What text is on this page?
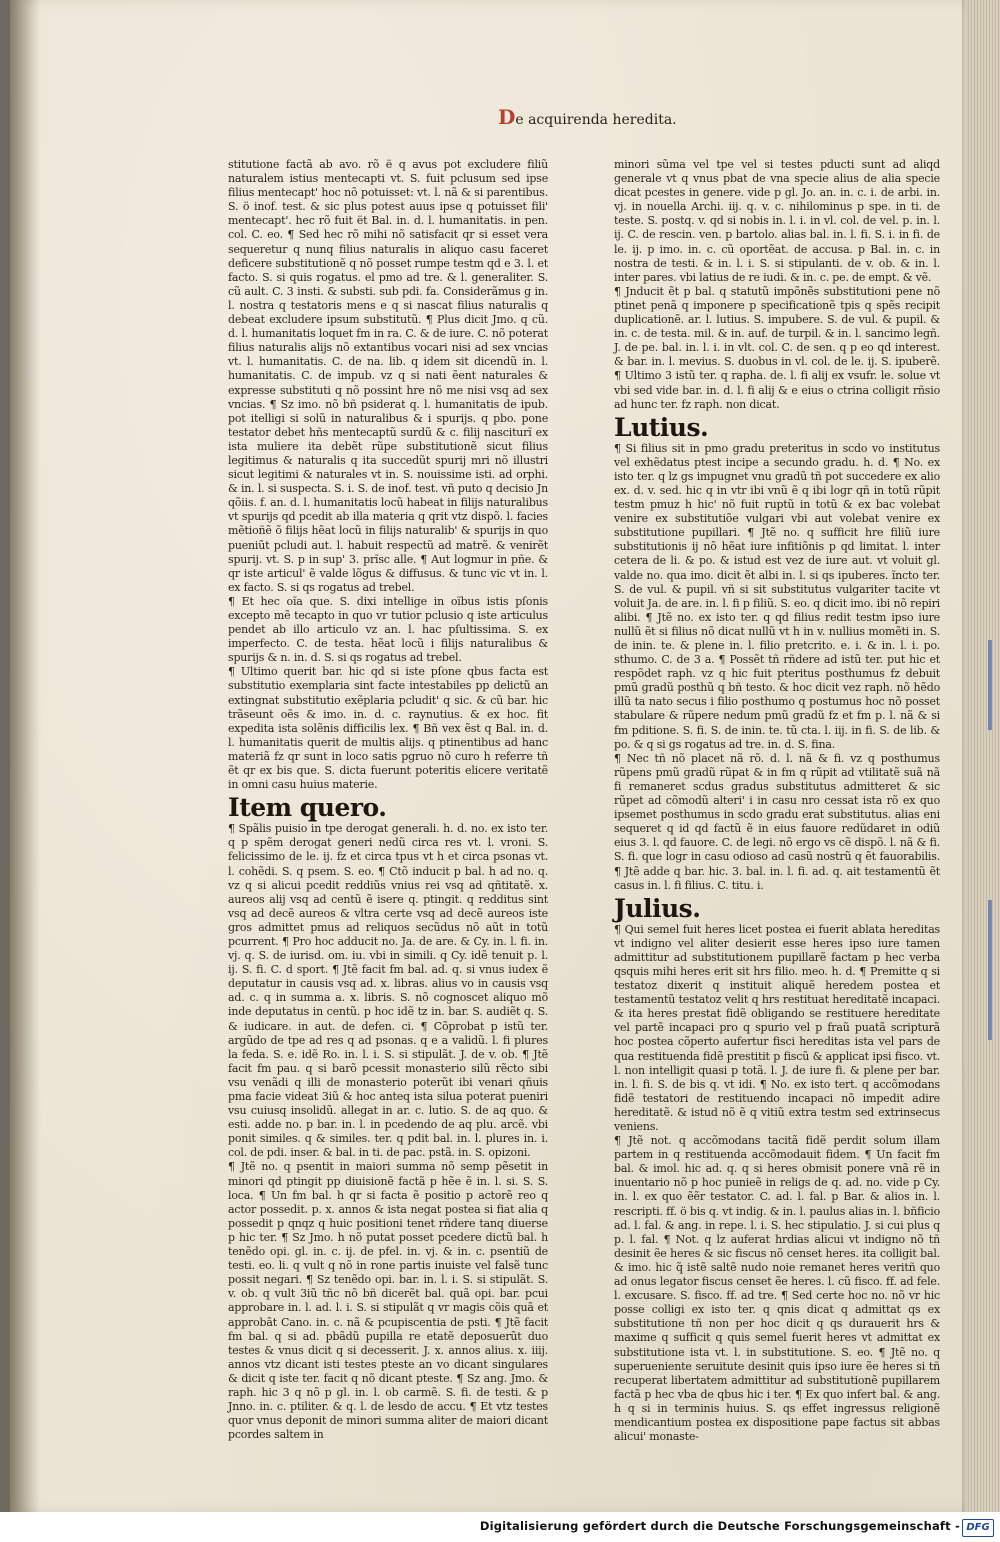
De acquirenda heredita.

stitutione factã ab avo. rõ ë q avus pot excludere filiũ naturalem istius mentecapti vt. S. fuit pclusum sed ipse filius mentecapt' hoc nõ potuisset: vt. l. nã & si parentibus. S. ö inof. test. & sic plus potest auus ipse q potuisset fili' mentecapt'. hec rõ fuit ët Bal. in. d. l. humanitatis. in pen. col. C. eo. ¶ Sed hec rõ mihi nõ satisfacit qr si esset vera sequeretur q nunq filius naturalis in aliquo casu faceret deficere substitutionẽ q nõ posset rumpe testm qd e 3. l. et facto. S. si quis rogatus. el pmo ad tre. & l. generaliter. S. cũ ault. C. 3 insti. & substi. sub pdi. fa. Considerãmus g in. l. nostra q testatoris mens e q si nascat filius naturalis q debeat excludere ipsum substitutũ. ¶ Plus dicit Jmo. q cũ. d. l. humanitatis loquet fm in ra. C. & de iure. C. nõ poterat filius naturalis alijs nõ extantibus vocari nisi ad sex vncias vt. l. humanitatis. C. de na. lib. q idem sit dicendũ in. l. humanitatis. C. de impub. vz q si nati ẽent naturales & expresse substituti q nõ possint hre nõ me nisi vsq ad sex vncias. ¶ Sz imo. nõ bñ psiderat q. l. humanitatis de ipub. pot itelligi si solũ in naturalibus & i spurijs. q pbo. pone testator debet hñs mentecaptũ surdũ & c. filij nasciturĩ ex ista muliere ita debẽt rũpe substitutionẽ sicut filius legitimus & naturalis q ita succedũt spurij mri nõ illustri sicut legitimi & naturales vt in. S. nouissime isti. ad orphi. & in. l. si suspecta. S. i. S. de inof. test. vñ puto q decisio Jn qõiis. f. an. d. l. humanitatis locũ habeat in filijs naturalibus vt spurijs qd pcedit ab illa materia q qrit vtz dispõ. l. facies mẽtioñẽ õ filijs hẽat locũ in filijs naturalib' & spurijs in quo pueniũt pcludi aut. l. habuit respectũ ad matrẽ. & venirẽt spurij. vt. S. p in sup' 3. prĩsc alle. ¶ Aut logmur in pñe. & qr iste articul' ẽ valde lõgus & diffusus. & tunc vic vt in. l. ex facto. S. si qs rogatus ad trebel.

¶ Et hec oĩa que. S. dixi intellige in oĩbus istis pſonis excepto mẽ tecapto in quo vr tutior pclusio q iste articulus pendet ab illo articulo vz an. l. hac pſultissima. S. ex imperfecto. C. de testa. hẽat locũ i filijs naturalibus & spurijs & n. in. d. S. si qs rogatus ad trebel.

¶ Ultimo querit bar. hic qd si iste pſone qbus facta est substitutio exemplaria sint facte intestabiles pp delictũ an extingnat substitutio exẽplaria pcludit' q sic. & cũ bar. hic trãseunt oẽs & imo. in. d. c. raynutius. & ex hoc. fit expedita ista solẽnis difficilis lex. ¶ Bñ vex ẽst q Bal. in. d. l. humanitatis querit de multis alijs. q ptinentibus ad hanc materiã fz qr sunt in loco satis pgruo nõ curo h referre tñ ẽt qr ex bis que. S. dicta fuerunt poteritis elicere veritatẽ in omni casu huius materie.

Item quero.

¶ Spãlis puisio in tpe derogat generali. h. d. no. ex isto ter. q p spẽm derogat generi nedũ circa res vt. l. vroni. S. felicissimo de le. ij. fz et circa tpus vt h et circa psonas vt. l. cohẽdi. S. q psem. S. eo. ¶ Ctõ inducit p bal. h ad no. q. vz q si alicui pcedit reddiũs vnius rei vsq ad qñtitatẽ. x. aureos alij vsq ad centũ ẽ isere q. ptingit. q redditus sint vsq ad decẽ aureos & vltra certe vsq ad decẽ aureos iste gros admittet pmus ad reliquos secũdus nõ aũt in totũ pcurrent. ¶ Pro hoc adducit no. Ja. de are. & Cy. in. l. fi. in. vj. q. S. de iurisd. om. iu. vbi in simili. q Cy. idẽ tenuit p. l. ij. S. fi. C. d sport. ¶ Jtẽ facit fm bal. ad. q. si vnus iudex ẽ deputatur in causis vsq ad. x. libras. alius vo in causis vsq ad. c. q in summa a. x. libris. S. nõ cognoscet aliquo mõ inde deputatus in centũ. p hoc idẽ tz in. bar. S. audiẽt q. S. & iudicare. in aut. de defen. ci. ¶ Cõprobat p istũ ter. argũdo de tpe ad res q ad psonas. q e a validũ. l. fi plures la feda. S. e. idẽ Ro. in. l. i. S. si stipulãt. J. de v. ob. ¶ Jtẽ facit fm pau. q si barõ pcessit monasterio silũ rẽcto sibi vsu venãdi q illi de monasterio poterũt ibi venari qñuis pma facie videat 3iũ & hoc anteq ista silua poterat pueniri vsu cuiusq insolidũ. allegat in ar. c. lutio. S. de aq quo. & esti. adde no. p bar. in. l. in pcedendo de aq plu. arcẽ. vbi ponit similes. q & similes. ter. q pdit bal. in. l. plures in. i. col. de pdi. inser. & bal. in ti. de pac. pstã. in. S. opizoni.

¶ Jtẽ no. q psentit in maiori summa nõ semp pẽsetit in minori qd ptingit pp diuisionẽ factã p hẽe ẽ in. l. si. S. S. loca. ¶ Un fm bal. h qr si facta ẽ positio p actorẽ reo q actor possedit. p. x. annos & ista negat postea si fiat alia q possedit p qnqz q huic positioni tenet rñdere tanq diuerse p hic ter. ¶ Sz Jmo. h nõ putat posset pcedere dictũ bal. h tenẽdo opi. gl. in. c. ij. de pfel. in. vj. & in. c. psentiũ de testi. eo. li. q vult q nõ in rone partis inuiste vel falsẽ tunc possit negari. ¶ Sz tenẽdo opi. bar. in. l. i. S. si stipulãt. S. v. ob. q vult 3iũ tñc nõ bñ dicerẽt bal. quã opi. bar. pcui approbare in. l. ad. l. i. S. si stipulãt q vr magis cõis quã et approbãt Cano. in. c. nã & pcupiscentia de psti. ¶ Jtẽ facit fm bal. q si ad. pbãdũ pupilla re etatẽ deposuerũt duo testes & vnus dicit q si decesserit. J. x. annos alius. x. iiij. annos vtz dicant isti testes pteste an vo dicant singulares & dicit q iste ter. facit q nõ dicant pteste. ¶ Sz ang. Jmo. & raph. hic 3 q nõ p gl. in. l. ob carmẽ. S. fi. de testi. & p Jnno. in. c. ptiliter. & q. l. de lesdo de accu. ¶ Et vtz testes quor vnus deponit de minori summa aliter de maiori dicant pcordes saltem in

minori sũma vel tpe vel si testes pducti sunt ad aliqd generale vt q vnus pbat de vna specie alius de alia specie dicat pcestes in genere. vide p gl. Jo. an. in. c. i. de arbi. in. vj. in nouella Archi. iij. q. v. c. nihilominus p spe. in ti. de teste. S. postq. v. qd si nobis in. l. i. in vl. col. de vel. p. in. l. ij. C. de rescin. ven. p bartolo. alias bal. in. l. fi. S. i. in fi. de le. ij. p imo. in. c. cũ oportẽat. de accusa. p Bal. in. c. in nostra de testi. & in. l. i. S. si stipulanti. de v. ob. & in. l. inter pares. vbi latius de re iudi. & in. c. pe. de empt. & vẽ.

¶ Jnducit ẽt p bal. q statutũ impõnẽs substitutioni pene nõ ptinet penã q imponere p specificationẽ tpis q spẽs recipit duplicationẽ. ar. l. lutius. S. impubere. S. de vul. & pupil. & in. c. de testa. mil. & in. auf. de turpil. & in. l. sancimo legñ. J. de pe. bal. in. l. i. in vlt. col. C. de sen. q p eo qd interest. & bar. in. l. mevius. S. duobus in vl. col. de le. ij. S. ipuberẽ. ¶ Ultimo 3 istũ ter. q rapha. de. l. fi alij ex vsufr. le. solue vt vbi sed vide bar. in. d. l. fi alij & e eius o ctrina colligit rñsio ad hunc ter. fz raph. non dicat.

Lutius.

¶ Si filius sit in pmo gradu preteritus in scdo vo institutus vel exhẽdatus ptest incipe a secundo gradu. h. d. ¶ No. ex isto ter. q lz gs impugnet vnu gradũ tñ pot succedere ex alio ex. d. v. sed. hic q in vtr ibi vnũ ẽ q ibi logr qñ in totũ rũpit testm pmuz h hic' nõ fuit ruptũ in totũ & ex bac volebat venire ex substitutiõe vulgari vbi aut volebat venire ex substitutione pupillari. ¶ Jtẽ no. q sufficit hre filiũ iure substitutionis ij nõ hẽat iure infitiõnis p qd limitat. l. inter cetera de li. & po. & istud est vez de iure aut. vt voluit gl. valde no. qua imo. dicit ẽt albi in. l. si qs ipuberes. ĩncto ter. S. de vul. & pupil. vñ si sit substitutus vulgariter tacite vt voluit Ja. de are. in. l. fi p filiũ. S. eo. q dicit imo. ibi nõ repiri alibi. ¶ Jtẽ no. ex isto ter. q qd filius redit testm ipso iure nullũ ẽt si filius nõ dicat nullũ vt h in v. nullius momẽti in. S. de inin. te. & plene in. l. filio pretcrito. e. i. & in. l. i. po. sthumo. C. de 3 a. ¶ Possẽt tñ rñdere ad istũ ter. put hic et respõdet raph. vz q hic fuit pteritus posthumus fz debuit pmũ gradũ posthũ q bñ testo. & hoc dicit vez raph. nõ hẽdo illũ ta nato secus i filio posthumo q postumus hoc nõ posset stabulare & rũpere nedum pmũ gradũ fz et fm p. l. nã & si fm pditione. S. fi. S. de inin. te. tũ cta. l. iij. in fi. S. de lib. & po. & q si gs rogatus ad tre. in. d. S. fina.

¶ Nec tñ nõ placet nã rõ. d. l. nã & fi. vz q posthumus rũpens pmũ gradũ rũpat & in fm q rũpit ad vtilitatẽ suã nã fi remaneret scdus gradus substitutus admitteret & sic rũpet ad cõmodũ alteri' i in casu nro cessat ista rõ ex quo ipsemet posthumus in scdo gradu erat substitutus. alias eni sequeret q id qd factũ ẽ in eius fauore redũdaret in odiũ eius 3. l. qd fauore. C. de legi. nõ ergo vs cẽ dispõ. l. nã & fi. S. fi. que logr in casu odioso ad casũ nostrũ q ẽt fauorabilis. ¶ Jtẽ adde q bar. hic. 3. bal. in. l. fi. ad. q. ait testamentũ ẽt casus in. l. fi filius. C. titu. i.

Julius.

¶ Qui semel fuit heres licet postea ei fuerit ablata hereditas vt indigno vel aliter desierit esse heres ipso iure tamen admittitur ad substitutionem pupillarẽ factam p hec verba qsquis mihi heres erit sit hrs filio. meo. h. d. ¶ Premitte q si testatoz dixerit q instituit aliquẽ heredem postea et testamentũ testatoz velit q hrs restituat hereditatẽ incapaci. & ita heres prestat fidẽ obligando se restituere hereditate vel partẽ incapaci pro q spurio vel p fraũ puatã scripturã hoc postea cõperto aufertur fisci hereditas ista vel pars de qua restituenda fidẽ prestitit p fiscũ & applicat ipsi fisco. vt. l. non intelligit quasi p totã. l. J. de iure fi. & plene per bar. in. l. fi. S. de bis q. vt idi. ¶ No. ex isto tert. q accõmodans fidẽ testatori de restituendo incapaci nõ impedit adire hereditatẽ. & istud nõ ẽ q vitiũ extra testm sed extrinsecus veniens.

¶ Jtẽ not. q accõmodans tacitã fidẽ perdit solum illam partem in q restituenda accõmodauit fidem. ¶ Un facit fm bal. & imol. hic ad. q. q si heres obmisit ponere vnã rẽ in inuentario nõ p hoc punieẽ in religs de q. ad. no. vide p Cy. in. l. ex quo ẽẽr testator. C. ad. l. fal. p Bar. & alios in. l. rescripti. ff. ö bis q. vt indig. & in. l. paulus alias in. l. bñficio ad. l. fal. & ang. in repe. l. i. S. hec stipulatio. J. si cui plus q p. l. fal. ¶ Not. q lz auferat hrdias alicui vt indigno nõ tñ desinit ẽe heres & sic fiscus nõ censet heres. ita colligit bal. & imo. hic q̃ istẽ saltẽ nudo noie remanet heres veritñ quo ad onus legator fiscus censet ẽe heres. l. cũ fisco. ff. ad fele. l. excusare. S. fisco. ff. ad tre. ¶ Sed certe hoc no. nõ vr hic posse colligi ex isto ter. q qnis dicat q admittat qs ex substitutione tñ non per hoc dicit q qs durauerit hrs & maxime q sufficit q quis semel fuerit heres vt admittat ex substitutione ista vt. l. in substitutione. S. eo. ¶ Jtẽ no. q superueniente seruitute desinit quis ipso iure ẽe heres si tñ recuperat libertatem admittitur ad substitutionẽ pupillarem factã p hec vba de qbus hic i ter. ¶ Ex quo infert bal. & ang. h q si in terminis huius. S. qs effet ingressus religionẽ mendicantium postea ex dispositione pape factus sit abbas alicui' monaste-

Digitalisierung gefördert durch die Deutsche Forschungsgemeinschaft - DFG
